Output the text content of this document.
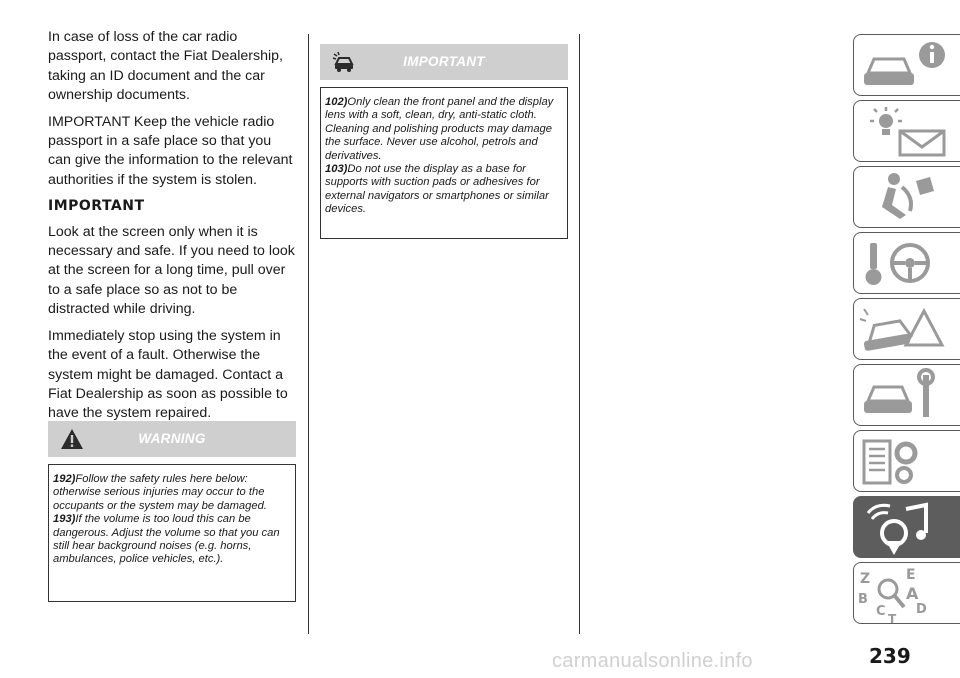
In case of loss of the car radio passport, contact the Fiat Dealership, taking an ID document and the car ownership documents.

IMPORTANT Keep the vehicle radio passport in a safe place so that you can give the information to the relevant authorities if the system is stolen.

IMPORTANT

Look at the screen only when it is necessary and safe. If you need to look at the screen for a long time, pull over to a safe place so as not to be distracted while driving.

Immediately stop using the system in the event of a fault. Otherwise the system might be damaged. Contact a Fiat Dealership as soon as possible to have the system repaired.

WARNING

192)Follow the safety rules here below: otherwise serious injuries may occur to the occupants or the system may be damaged.

193)If the volume is too loud this can be dangerous. Adjust the volume so that you can still hear background noises (e.g. horns, ambulances, police vehicles, etc.).

IMPORTANT

102)Only clean the front panel and the display lens with a soft, clean, dry, anti-static cloth. Cleaning and polishing products may damage the surface. Never use alcohol, petrols and derivatives.

103)Do not use the display as a base for supports with suction pads or adhesives for external navigators or smartphones or similar devices.

Z	E
B A
D
C T
239
carmanualsonline.info
